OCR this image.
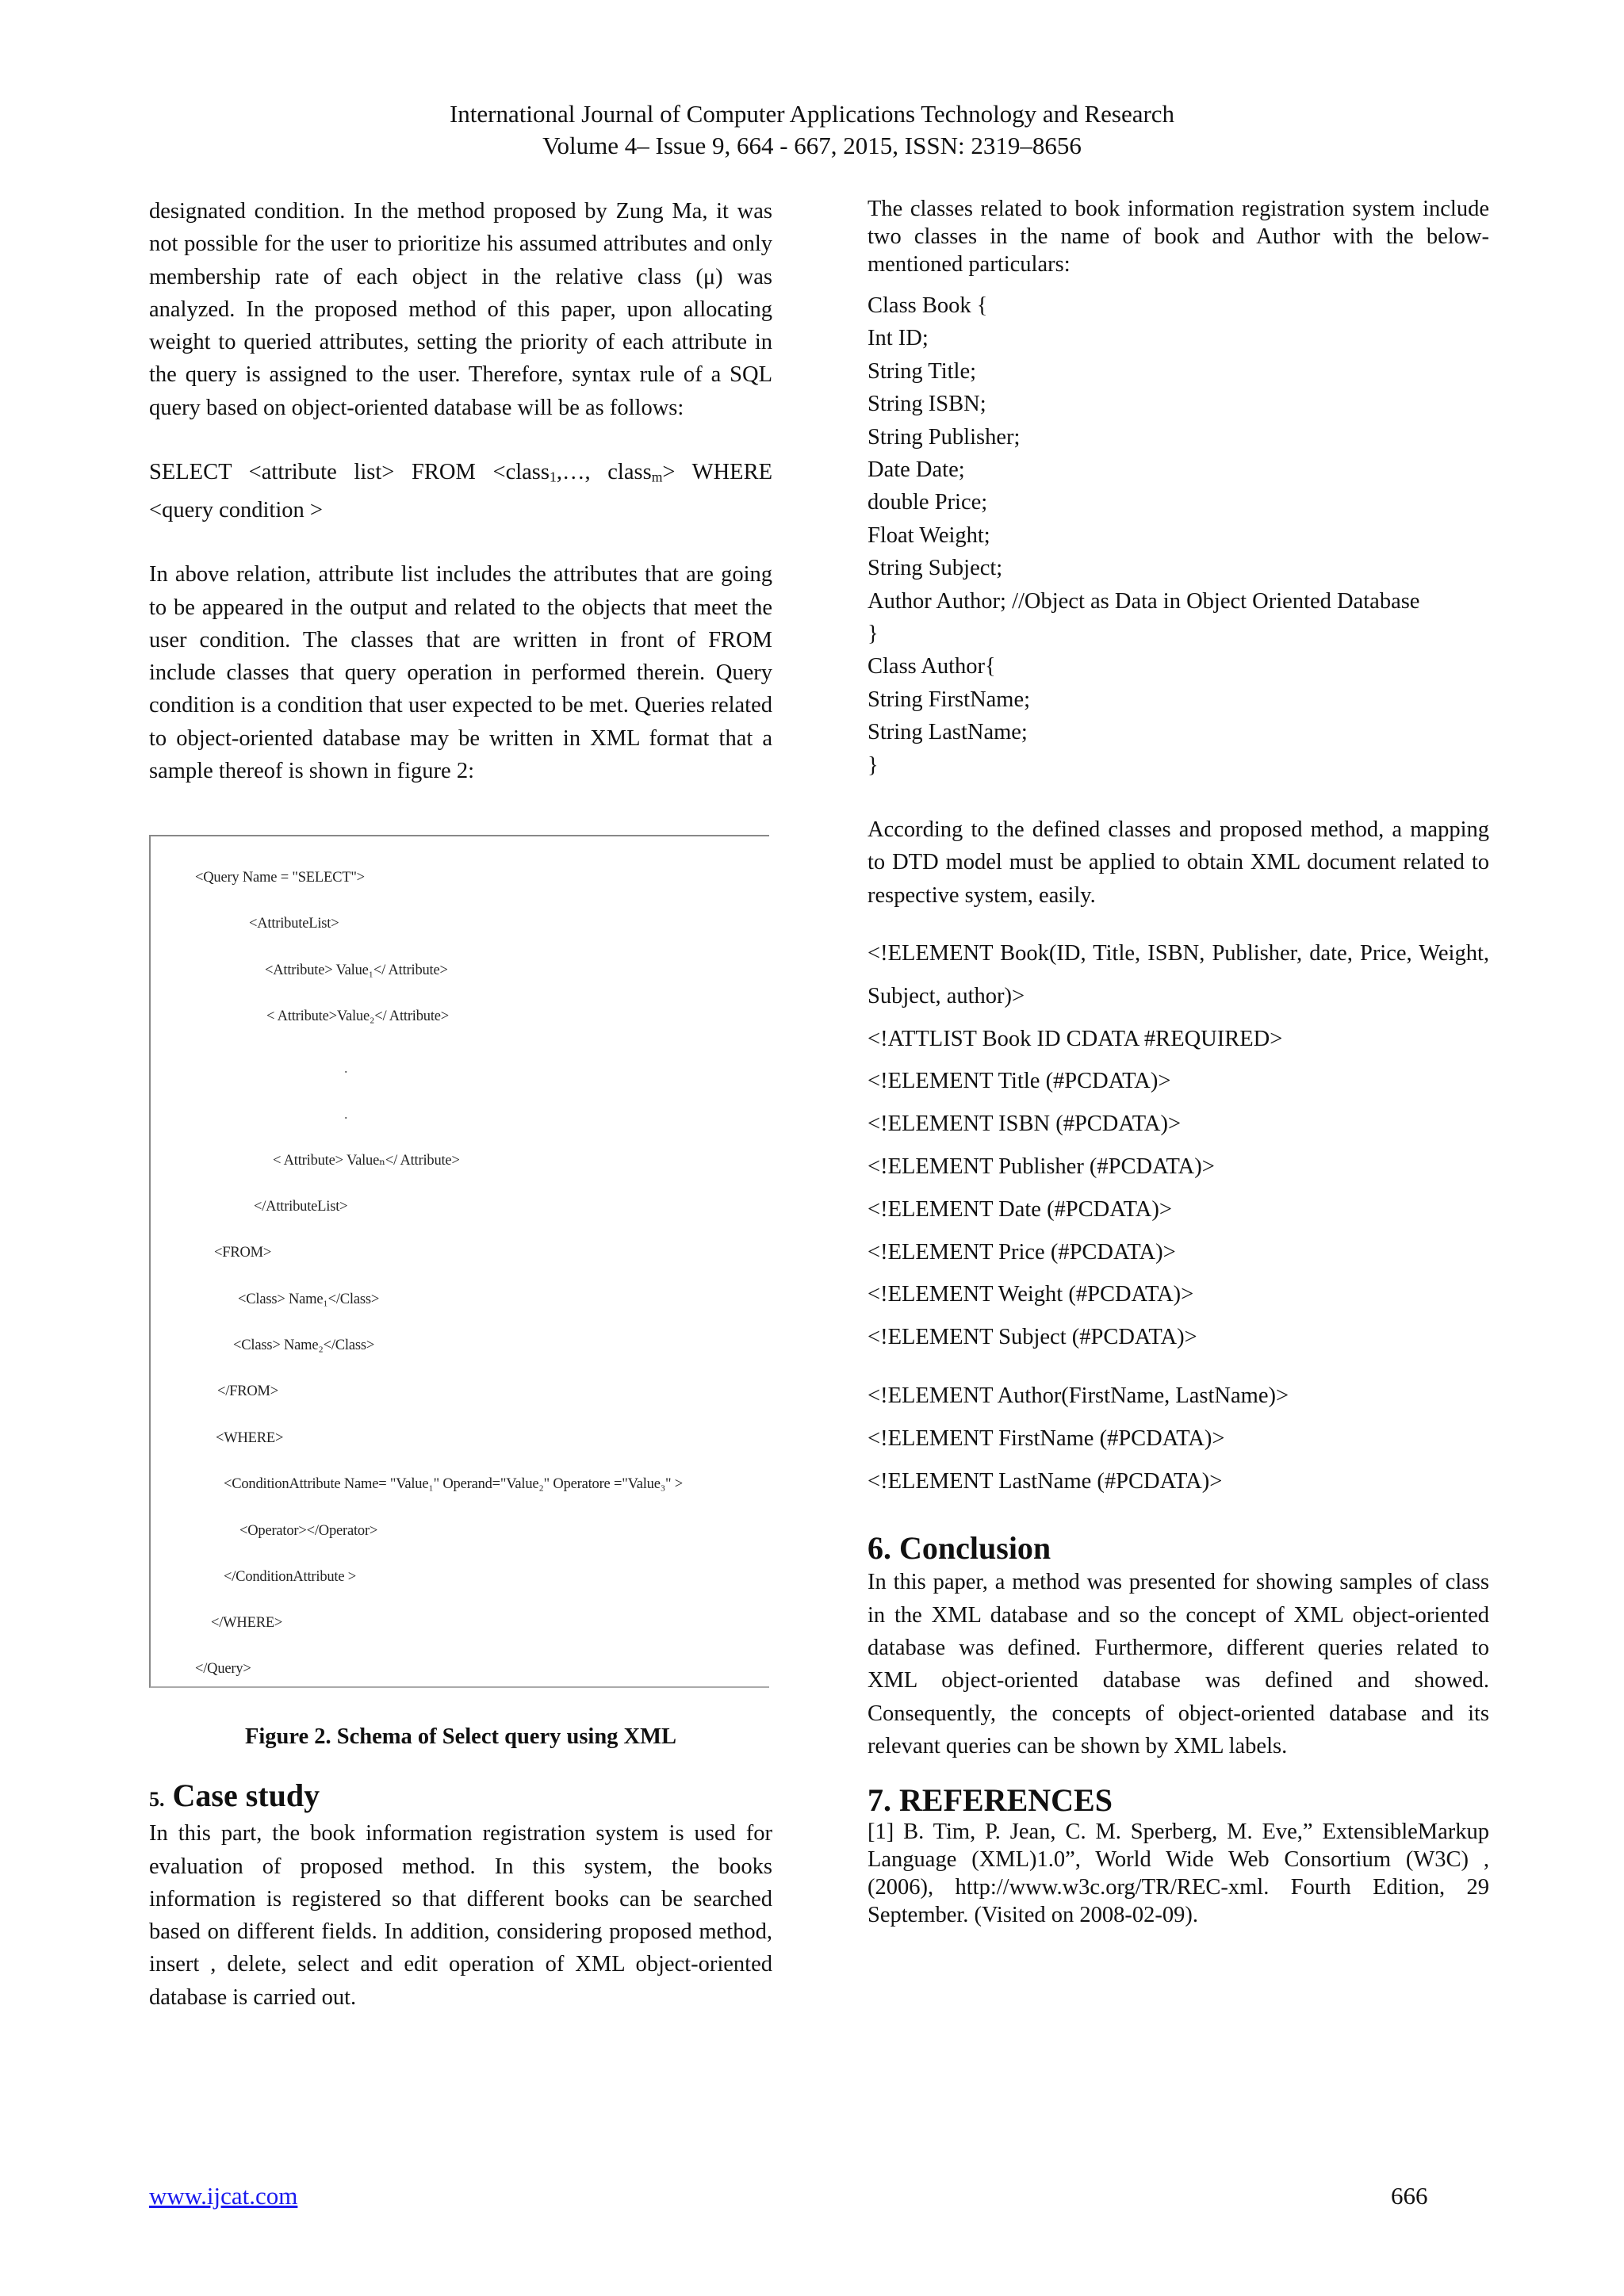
International Journal of Computer Applications Technology and Research
Volume 4– Issue 9, 664 - 667, 2015, ISSN: 2319–8656

designated condition. In the method proposed by Zung Ma, it was not possible for the user to prioritize his assumed attributes and only membership rate of each object in the relative class (μ) was analyzed. In the proposed method of this paper, upon allocating weight to queried attributes, setting the priority of each attribute in the query is assigned to the user. Therefore, syntax rule of a SQL query based on object-oriented database will be as follows:

SELECT <attribute list> FROM <class$_1$,…, class$_m$> WHERE <query condition >

In above relation, attribute list includes the attributes that are going to be appeared in the output and related to the objects that meet the user condition. The classes that are written in front of FROM include classes that query operation in performed therein. Query condition is a condition that user expected to be met. Queries related to object-oriented database may be written in XML format that a sample thereof is shown in figure 2:

<Query Name = "SELECT">
<AttributeList>
<Attribute> Value₁</ Attribute>
< Attribute>Value₂</ Attribute>
.
.
< Attribute> Valueₙ</ Attribute>
</AttributeList>
<FROM>
<Class> Name₁</Class>
<Class> Name₂</Class>
</FROM>
<WHERE>
<ConditionAttribute Name= "Value₁" Operand="Value₂" Operatore ="Value₃" >
<Operator></Operator>
</ConditionAttribute >
</WHERE>
</Query>
Figure 2. Schema of Select query using XML

5. Case study

In this part, the book information registration system is used for evaluation of proposed method. In this system, the books information is registered so that different books can be searched based on different fields. In addition, considering proposed method, insert , delete, select and edit operation of XML object-oriented database is carried out.

The classes related to book information registration system include two classes in the name of book and Author with the below-mentioned particulars:

Class Book {
Int ID;
String Title;
String ISBN;
String Publisher;
Date Date;
double Price;
Float Weight;
String Subject;
Author Author; //Object as Data in Object Oriented Database
}
Class Author{
String FirstName;
String LastName;
}

According to the defined classes and proposed method, a mapping to DTD model must be applied to obtain XML document related to respective system, easily.

<!ELEMENT Book(ID, Title, ISBN, Publisher, date, Price, Weight, Subject, author)>
<!ATTLIST Book ID CDATA #REQUIRED>
<!ELEMENT Title (#PCDATA)>
<!ELEMENT ISBN (#PCDATA)>
<!ELEMENT Publisher (#PCDATA)>
<!ELEMENT Date (#PCDATA)>
<!ELEMENT Price (#PCDATA)>
<!ELEMENT Weight (#PCDATA)>
<!ELEMENT Subject (#PCDATA)>
<!ELEMENT Author(FirstName, LastName)>
<!ELEMENT FirstName (#PCDATA)>
<!ELEMENT LastName (#PCDATA)>

6. Conclusion

In this paper, a method was presented for showing samples of class in the XML database and so the concept of XML object-oriented database was defined. Furthermore, different queries related to XML object-oriented database was defined and showed. Consequently, the concepts of object-oriented database and its relevant queries can be shown by XML labels.

7. REFERENCES

[1] B. Tim, P. Jean, C. M. Sperberg, M. Eve,” ExtensibleMarkup Language (XML)1.0”, World Wide Web Consortium (W3C) , (2006), http://www.w3c.org/TR/REC-xml. Fourth Edition, 29 September. (Visited on 2008-02-09).

www.ijcat.com	666
